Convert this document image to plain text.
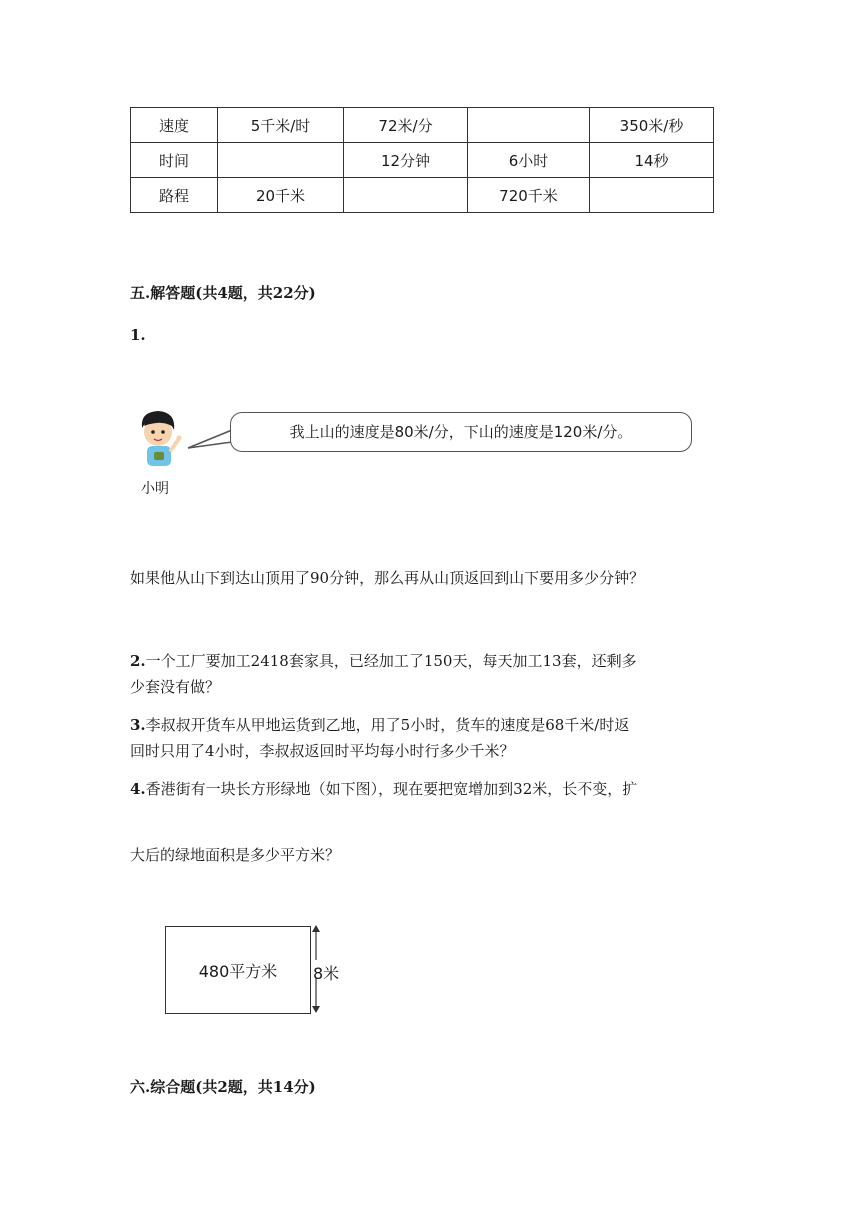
速度	5千米/时	72米/分		350米/秒
时间		12分钟	6小时	14秒
路程	20千米		720千米	
五.解答题(共4题，共22分)
1.
小明
我上山的速度是80米/分，下山的速度是120米/分。
如果他从山下到达山顶用了90分钟，那么再从山顶返回到山下要用多少分钟？
2.一个工厂要加工2418套家具，已经加工了150天，每天加工13套，还剩多
少套没有做？
3.李叔叔开货车从甲地运货到乙地，用了5小时，货车的速度是68千米/时返
回时只用了4小时，李叔叔返回时平均每小时行多少千米？
4.香港街有一块长方形绿地（如下图），现在要把宽增加到32米，长不变，扩
大后的绿地面积是多少平方米？
480平方米 8米
六.综合题(共2题，共14分)
